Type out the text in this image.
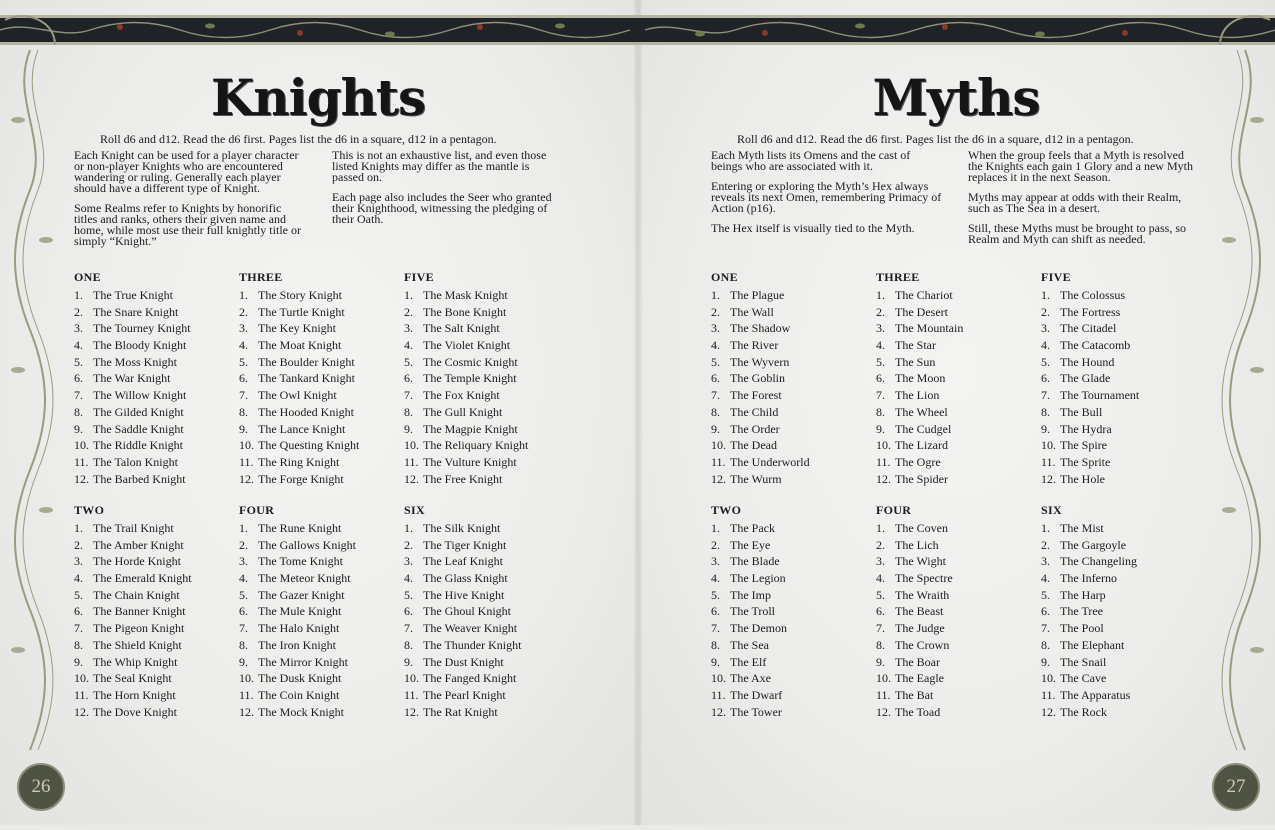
26	27
Knights
Roll d6 and d12. Read the d6 first. Pages list the d6 in a square, d12 in a pentagon.

Each Knight can be used for a player character or non-player Knights who are encountered wandering or ruling. Generally each player should have a different type of Knight.

Some Realms refer to Knights by honorific titles and ranks, others their given name and home, while most use their full knightly title or simply “Knight.”

This is not an exhaustive list, and even those listed Knights may differ as the mantle is passed on.

Each page also includes the Seer who granted their Knighthood, witnessing the pledging of their Oath.

ONE
1. The True Knight
2. The Snare Knight
3. The Tourney Knight
4. The Bloody Knight
5. The Moss Knight
6. The War Knight
7. The Willow Knight
8. The Gilded Knight
9. The Saddle Knight
10. The Riddle Knight
11. The Talon Knight
12. The Barbed Knight
THREE
1. The Story Knight
2. The Turtle Knight
3. The Key Knight
4. The Moat Knight
5. The Boulder Knight
6. The Tankard Knight
7. The Owl Knight
8. The Hooded Knight
9. The Lance Knight
10. The Questing Knight
11. The Ring Knight
12. The Forge Knight
FIVE
1. The Mask Knight
2. The Bone Knight
3. The Salt Knight
4. The Violet Knight
5. The Cosmic Knight
6. The Temple Knight
7. The Fox Knight
8. The Gull Knight
9. The Magpie Knight
10. The Reliquary Knight
11. The Vulture Knight
12. The Free Knight
TWO
1. The Trail Knight
2. The Amber Knight
3. The Horde Knight
4. The Emerald Knight
5. The Chain Knight
6. The Banner Knight
7. The Pigeon Knight
8. The Shield Knight
9. The Whip Knight
10. The Seal Knight
11. The Horn Knight
12. The Dove Knight
FOUR
1. The Rune Knight
2. The Gallows Knight
3. The Tome Knight
4. The Meteor Knight
5. The Gazer Knight
6. The Mule Knight
7. The Halo Knight
8. The Iron Knight
9. The Mirror Knight
10. The Dusk Knight
11. The Coin Knight
12. The Mock Knight
SIX
1. The Silk Knight
2. The Tiger Knight
3. The Leaf Knight
4. The Glass Knight
5. The Hive Knight
6. The Ghoul Knight
7. The Weaver Knight
8. The Thunder Knight
9. The Dust Knight
10. The Fanged Knight
11. The Pearl Knight
12. The Rat Knight
Myths
Roll d6 and d12. Read the d6 first. Pages list the d6 in a square, d12 in a pentagon.

Each Myth lists its Omens and the cast of beings who are associated with it.

Entering or exploring the Myth’s Hex always reveals its next Omen, remembering Primacy of Action (p16).

The Hex itself is visually tied to the Myth.

When the group feels that a Myth is resolved the Knights each gain 1 Glory and a new Myth replaces it in the next Season.

Myths may appear at odds with their Realm, such as The Sea in a desert.

Still, these Myths must be brought to pass, so Realm and Myth can shift as needed.

ONE
1. The Plague
2. The Wall
3. The Shadow
4. The River
5. The Wyvern
6. The Goblin
7. The Forest
8. The Child
9. The Order
10. The Dead
11. The Underworld
12. The Wurm
THREE
1. The Chariot
2. The Desert
3. The Mountain
4. The Star
5. The Sun
6. The Moon
7. The Lion
8. The Wheel
9. The Cudgel
10. The Lizard
11. The Ogre
12. The Spider
FIVE
1. The Colossus
2. The Fortress
3. The Citadel
4. The Catacomb
5. The Hound
6. The Glade
7. The Tournament
8. The Bull
9. The Hydra
10. The Spire
11. The Sprite
12. The Hole
TWO
1. The Pack
2. The Eye
3. The Blade
4. The Legion
5. The Imp
6. The Troll
7. The Demon
8. The Sea
9. The Elf
10. The Axe
11. The Dwarf
12. The Tower
FOUR
1. The Coven
2. The Lich
3. The Wight
4. The Spectre
5. The Wraith
6. The Beast
7. The Judge
8. The Crown
9. The Boar
10. The Eagle
11. The Bat
12. The Toad
SIX
1. The Mist
2. The Gargoyle
3. The Changeling
4. The Inferno
5. The Harp
6. The Tree
7. The Pool
8. The Elephant
9. The Snail
10. The Cave
11. The Apparatus
12. The Rock
